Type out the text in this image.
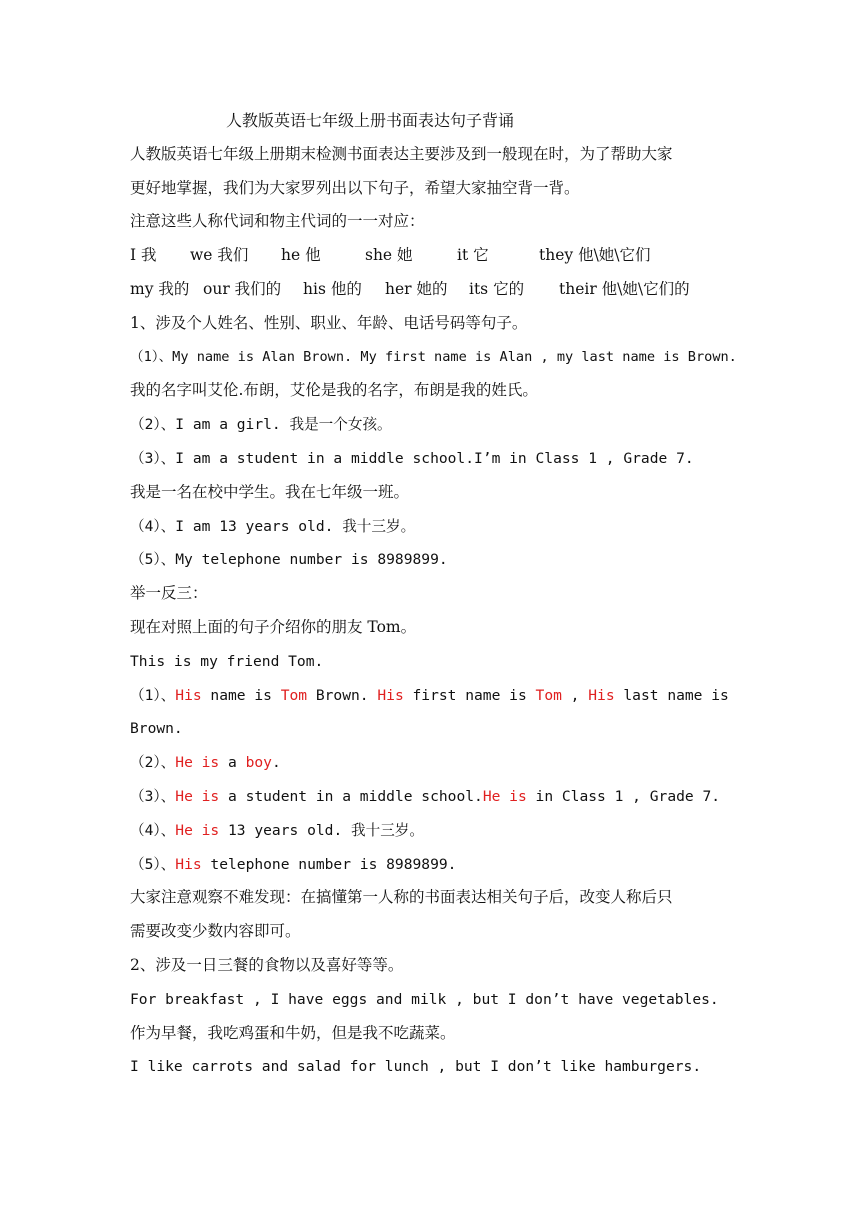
人教版英语七年级上册书面表达句子背诵
人教版英语七年级上册期末检测书面表达主要涉及到一般现在时，为了帮助大家
更好地掌握，我们为大家罗列出以下句子，希望大家抽空背一背。
注意这些人称代词和物主代词的一一对应：
I 我 we 我们 he 他	she 她	it 它	they 他\她\它们
my 我的 our 我们的 his 他的 her 她的 its 它的 their 他\她\它们的
1、涉及个人姓名、性别、职业、年龄、电话号码等句子。
（1）、My name is Alan Brown. My first name is Alan , my last name is Brown.
我的名字叫艾伦.布朗，艾伦是我的名字，布朗是我的姓氏。
（2）、I am a girl. 我是一个女孩。
（3）、I am a student in a middle school.I’m in Class 1 , Grade 7.
我是一名在校中学生。我在七年级一班。
（4）、I am 13 years old. 我十三岁。
（5）、My telephone number is 8989899.
举一反三：
现在对照上面的句子介绍你的朋友 Tom。
This is my friend Tom.
（1）、His name is Tom Brown. His first name is Tom , His last name is
Brown.
（2）、He is a boy.
（3）、He is a student in a middle school.He is in Class 1 , Grade 7.
（4）、He is 13 years old. 我十三岁。
（5）、His telephone number is 8989899.
大家注意观察不难发现：在搞懂第一人称的书面表达相关句子后，改变人称后只
需要改变少数内容即可。
2、涉及一日三餐的食物以及喜好等等。
For breakfast , I have eggs and milk , but I don’t have vegetables.
作为早餐，我吃鸡蛋和牛奶，但是我不吃蔬菜。
I like carrots and salad for lunch , but I don’t like hamburgers.
